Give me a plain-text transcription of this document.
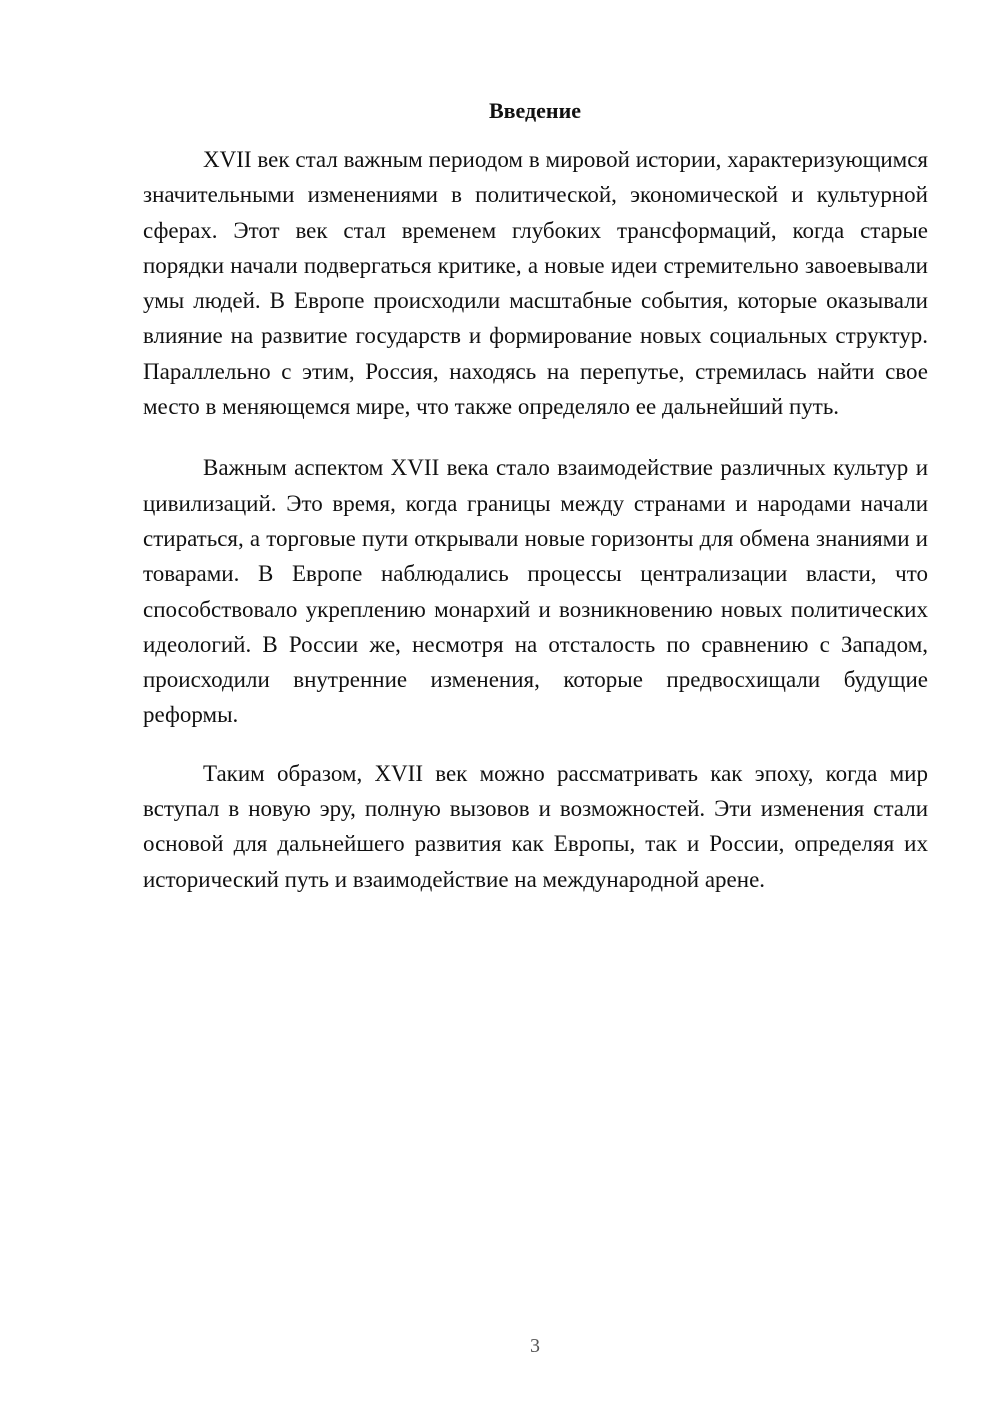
Введение

XVII век стал важным периодом в мировой истории, характеризующимся значительными изменениями в политической, экономической и культурной сферах. Этот век стал временем глубоких трансформаций, когда старые порядки начали подвергаться критике, а новые идеи стремительно завоевывали умы людей. В Европе происходили масштабные события, которые оказывали влияние на развитие государств и формирование новых социальных структур. Параллельно с этим, Россия, находясь на перепутье, стремилась найти свое место в меняющемся мире, что также определяло ее дальнейший путь.

Важным аспектом XVII века стало взаимодействие различных культур и цивилизаций. Это время, когда границы между странами и народами начали стираться, а торговые пути открывали новые горизонты для обмена знаниями и товарами. В Европе наблюдались процессы централизации власти, что способствовало укреплению монархий и возникновению новых политических идеологий. В России же, несмотря на отсталость по сравнению с Западом, происходили внутренние изменения, которые предвосхищали будущие реформы.

Таким образом, XVII век можно рассматривать как эпоху, когда мир вступал в новую эру, полную вызовов и возможностей. Эти изменения стали основой для дальнейшего развития как Европы, так и России, определяя их исторический путь и взаимодействие на международной арене.

3
